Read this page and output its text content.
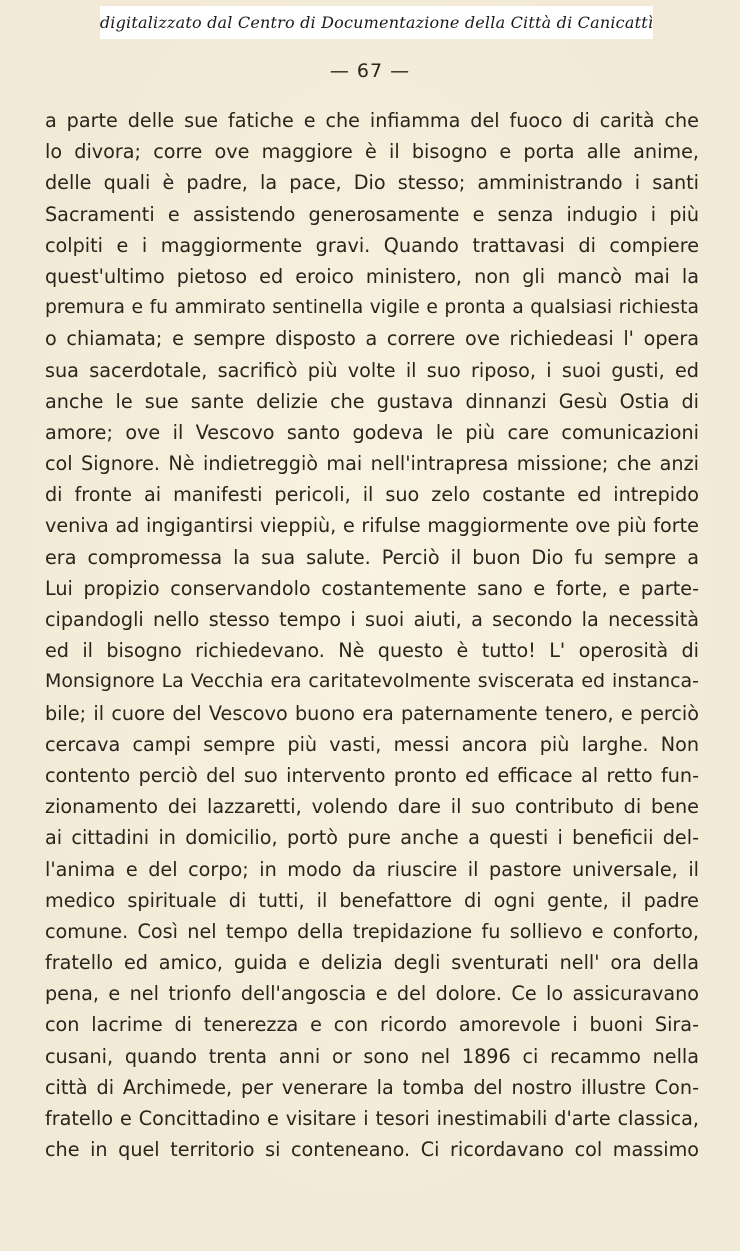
digitalizzato dal Centro di Documentazione della Città di Canicattì
— 67 —
a parte delle sue fatiche e che infiamma del fuoco di carità che
lo divora; corre ove maggiore è il bisogno e porta alle anime,
delle quali è padre, la pace, Dio stesso; amministrando i santi
Sacramenti e assistendo generosamente e senza indugio i più
colpiti e i maggiormente gravi. Quando trattavasi di compiere
quest'ultimo pietoso ed eroico ministero, non gli mancò mai la
premura e fu ammirato sentinella vigile e pronta a qualsiasi richiesta
o chiamata; e sempre disposto a correre ove richiedeasi l' opera
sua sacerdotale, sacrificò più volte il suo riposo, i suoi gusti, ed
anche le sue sante delizie che gustava dinnanzi Gesù Ostia di
amore; ove il Vescovo santo godeva le più care comunicazioni
col Signore. Nè indietreggiò mai nell'intrapresa missione; che anzi
di fronte ai manifesti pericoli, il suo zelo costante ed intrepido
veniva ad ingigantirsi vieppiù, e rifulse maggiormente ove più forte
era compromessa la sua salute. Perciò il buon Dio fu sempre a
Lui propizio conservandolo costantemente sano e forte, e parte-
cipandogli nello stesso tempo i suoi aiuti, a secondo la necessità
ed il bisogno richiedevano. Nè questo è tutto! L' operosità di
Monsignore La Vecchia era caritatevolmente sviscerata ed instanca-
bile; il cuore del Vescovo buono era paternamente tenero, e perciò
cercava campi sempre più vasti, messi ancora più larghe. Non
contento perciò del suo intervento pronto ed efficace al retto fun-
zionamento dei lazzaretti, volendo dare il suo contributo di bene
ai cittadini in domicilio, portò pure anche a questi i beneficii del-
l'anima e del corpo; in modo da riuscire il pastore universale, il
medico spirituale di tutti, il benefattore di ogni gente, il padre
comune. Così nel tempo della trepidazione fu sollievo e conforto,
fratello ed amico, guida e delizia degli sventurati nell' ora della
pena, e nel trionfo dell'angoscia e del dolore. Ce lo assicuravano
con lacrime di tenerezza e con ricordo amorevole i buoni Sira-
cusani, quando trenta anni or sono nel 1896 ci recammo nella
città di Archimede, per venerare la tomba del nostro illustre Con-
fratello e Concittadino e visitare i tesori inestimabili d'arte classica,
che in quel territorio si conteneano. Ci ricordavano col massimo
